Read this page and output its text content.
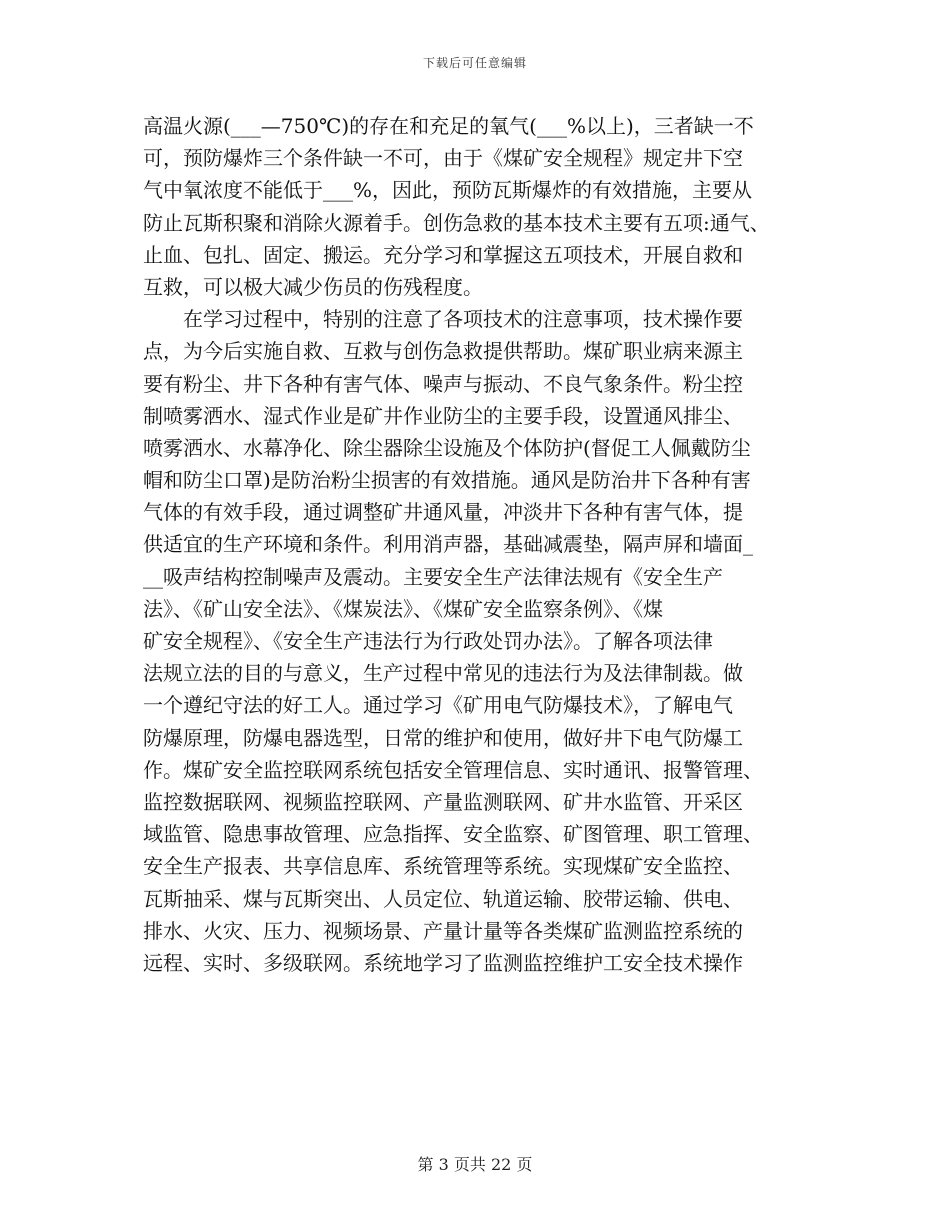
下载后可任意编辑
高温火源(___—750℃)的存在和充足的氧气(___%以上)，三者缺一不
可，预防爆炸三个条件缺一不可，由于《煤矿安全规程》规定井下空
气中氧浓度不能低于___%，因此，预防瓦斯爆炸的有效措施，主要从
防止瓦斯积聚和消除火源着手。创伤急救的基本技术主要有五项:通气、
止血、包扎、固定、搬运。充分学习和掌握这五项技术，开展自救和
互救，可以极大减少伤员的伤残程度。
　　在学习过程中，特别的注意了各项技术的注意事项，技术操作要
点，为今后实施自救、互救与创伤急救提供帮助。煤矿职业病来源主
要有粉尘、井下各种有害气体、噪声与振动、不良气象条件。粉尘控
制喷雾洒水、湿式作业是矿井作业防尘的主要手段，设置通风排尘、
喷雾洒水、水幕净化、除尘器除尘设施及个体防护(督促工人佩戴防尘
帽和防尘口罩)是防治粉尘损害的有效措施。通风是防治井下各种有害
气体的有效手段，通过调整矿井通风量，冲淡井下各种有害气体，提
供适宜的生产环境和条件。利用消声器，基础减震垫，隔声屏和墙面_
__吸声结构控制噪声及震动。主要安全生产法律法规有《安全生产
法》、《矿山安全法》、《煤炭法》、《煤矿安全监察条例》、《煤
矿安全规程》、《安全生产违法行为行政处罚办法》。了解各项法律
法规立法的目的与意义，生产过程中常见的违法行为及法律制裁。做
一个遵纪守法的好工人。通过学习《矿用电气防爆技术》，了解电气
防爆原理，防爆电器选型，日常的维护和使用，做好井下电气防爆工
作。煤矿安全监控联网系统包括安全管理信息、实时通讯、报警管理、
监控数据联网、视频监控联网、产量监测联网、矿井水监管、开采区
域监管、隐患事故管理、应急指挥、安全监察、矿图管理、职工管理、
安全生产报表、共享信息库、系统管理等系统。实现煤矿安全监控、
瓦斯抽采、煤与瓦斯突出、人员定位、轨道运输、胶带运输、供电、
排水、火灾、压力、视频场景、产量计量等各类煤矿监测监控系统的
远程、实时、多级联网。系统地学习了监测监控维护工安全技术操作
第 3 页共 22 页
